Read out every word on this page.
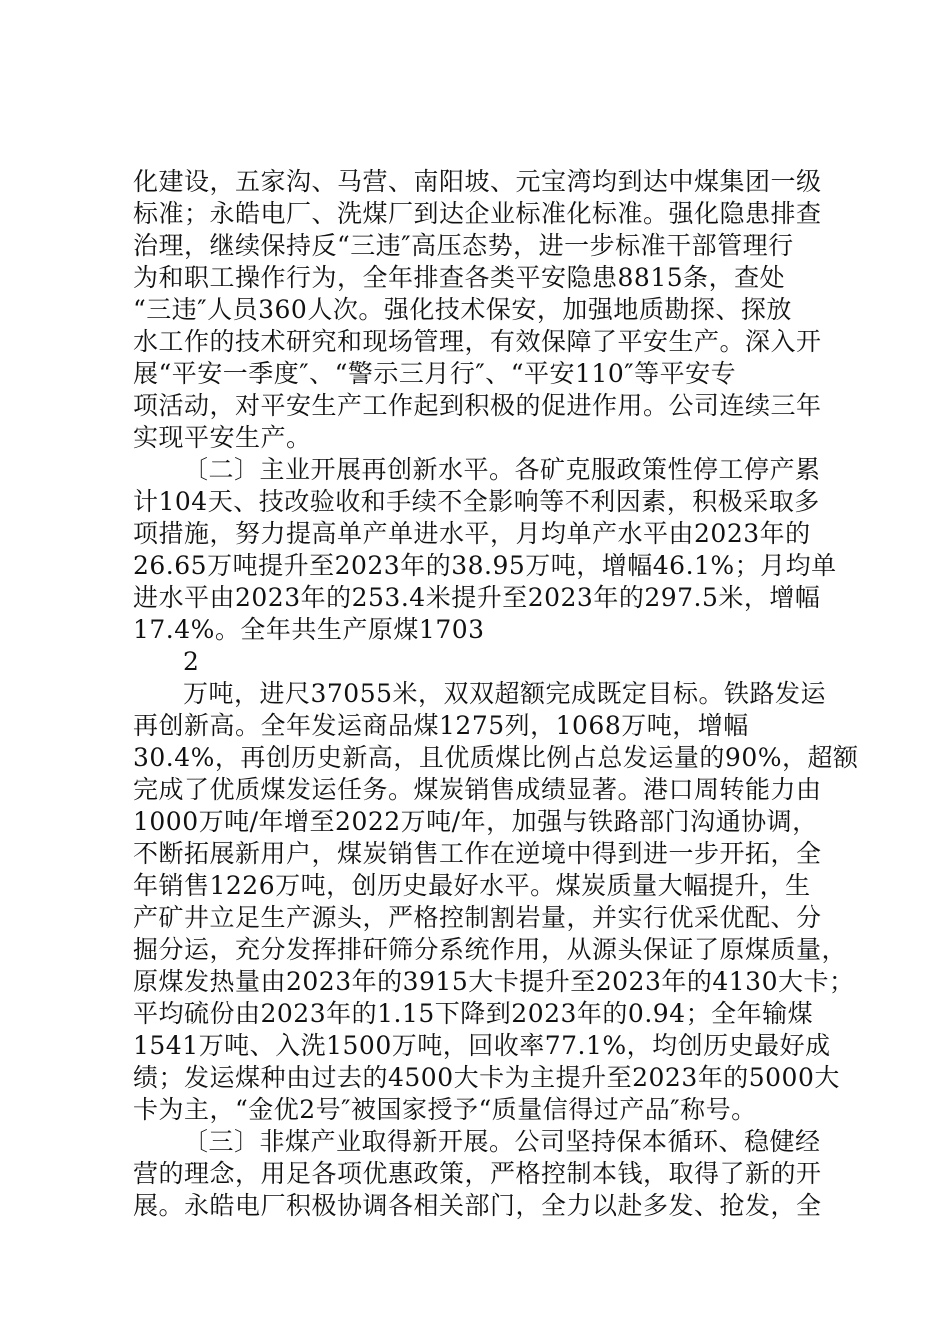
化建设，五家沟、马营、南阳坡、元宝湾均到达中煤集团一级
标准；永皓电厂、洗煤厂到达企业标准化标准。强化隐患排查
治理，继续保持反“三违″高压态势，进一步标准干部管理行
为和职工操作行为，全年排查各类平安隐患8815条，查处
“三违″人员360人次。强化技术保安，加强地质勘探、探放
水工作的技术研究和现场管理，有效保障了平安生产。深入开
展“平安一季度″、“警示三月行″、“平安110″等平安专
项活动，对平安生产工作起到积极的促进作用。公司连续三年
实现平安生产。
〔二〕主业开展再创新水平。各矿克服政策性停工停产累
计104天、技改验收和手续不全影响等不利因素，积极采取多
项措施，努力提高单产单进水平，月均单产水平由2023年的
26.65万吨提升至2023年的38.95万吨，增幅46.1%；月均单
进水平由2023年的253.4米提升至2023年的297.5米，增幅
17.4%。全年共生产原煤1703
2
万吨，进尺37055米，双双超额完成既定目标。铁路发运
再创新高。全年发运商品煤1275列，1068万吨，增幅
30.4%，再创历史新高，且优质煤比例占总发运量的90%，超额
完成了优质煤发运任务。煤炭销售成绩显著。港口周转能力由
1000万吨/年增至2022万吨/年，加强与铁路部门沟通协调，
不断拓展新用户，煤炭销售工作在逆境中得到进一步开拓，全
年销售1226万吨，创历史最好水平。煤炭质量大幅提升，生
产矿井立足生产源头，严格控制割岩量，并实行优采优配、分
掘分运，充分发挥排矸筛分系统作用，从源头保证了原煤质量，
原煤发热量由2023年的3915大卡提升至2023年的4130大卡；
平均硫份由2023年的1.15下降到2023年的0.94；全年输煤
1541万吨、入洗1500万吨，回收率77.1%，均创历史最好成
绩；发运煤种由过去的4500大卡为主提升至2023年的5000大
卡为主，“金优2号″被国家授予“质量信得过产品″称号。
〔三〕非煤产业取得新开展。公司坚持保本循环、稳健经
营的理念，用足各项优惠政策，严格控制本钱，取得了新的开
展。永皓电厂积极协调各相关部门，全力以赴多发、抢发，全
